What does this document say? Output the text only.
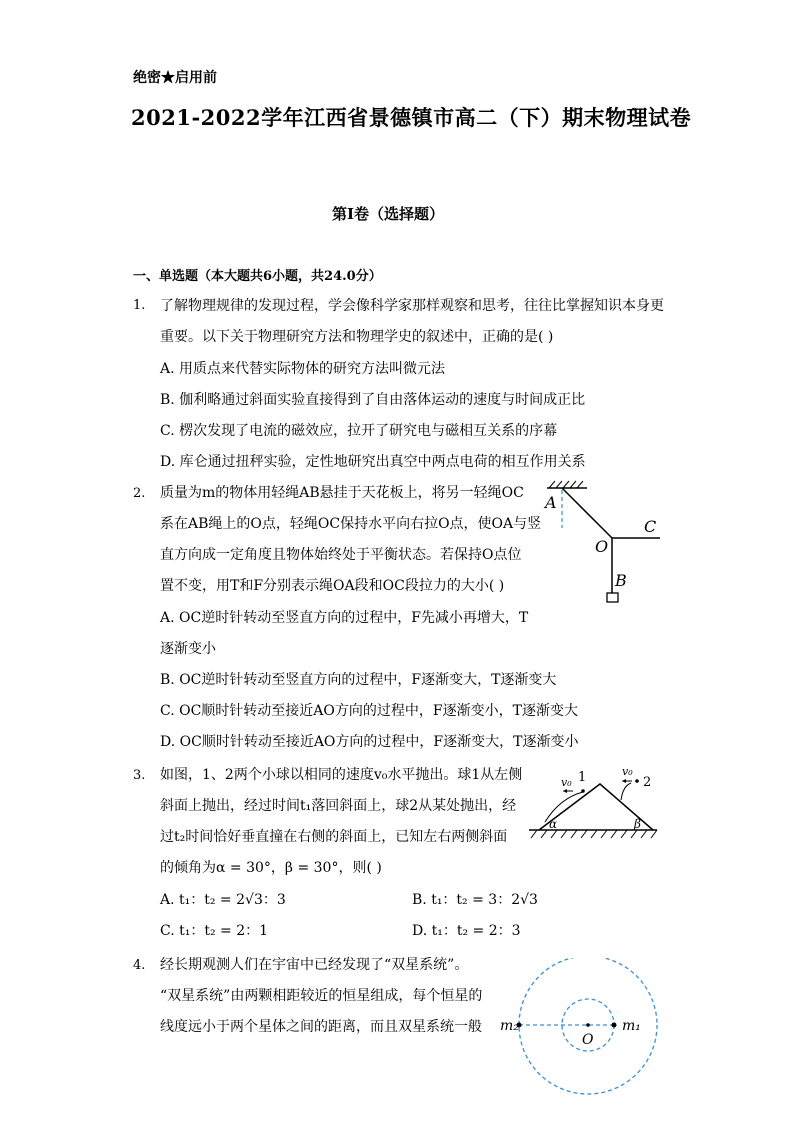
绝密★启用前
2021-2022学年江西省景德镇市高二（下）期末物理试卷
第I卷（选择题）
一、单选题（本大题共6小题，共24.0分）
1. 了解物理规律的发现过程，学会像科学家那样观察和思考，往往比掌握知识本身更
重要。以下关于物理研究方法和物理学史的叙述中，正确的是( )
A. 用质点来代替实际物体的研究方法叫微元法
B. 伽利略通过斜面实验直接得到了自由落体运动的速度与时间成正比
C. 楞次发现了电流的磁效应，拉开了研究电与磁相互关系的序幕
D. 库仑通过扭秤实验，定性地研究出真空中两点电荷的相互作用关系
2. 质量为m的物体用轻绳AB悬挂于天花板上，将另一轻绳OC
系在AB绳上的O点，轻绳OC保持水平向右拉O点，使OA与竖
直方向成一定角度且物体始终处于平衡状态。若保持O点位
置不变，用T和F分别表示绳OA段和OC段拉力的大小( )
A. OC逆时针转动至竖直方向的过程中，F先减小再增大，T
逐渐变小
B. OC逆时针转动至竖直方向的过程中，F逐渐变大，T逐渐变大
C. OC顺时针转动至接近AO方向的过程中，F逐渐变小，T逐渐变大
D. OC顺时针转动至接近AO方向的过程中，F逐渐变大，T逐渐变小
A
O
C
B
3. 如图，1、2两个小球以相同的速度v₀水平抛出。球1从左侧
斜面上抛出，经过时间t₁落回斜面上，球2从某处抛出，经
过t₂时间恰好垂直撞在右侧的斜面上，已知左右两侧斜面
的倾角为α = 30°，β = 30°，则( )
A. t₁：t₂ = 2√3：3	B. t₁：t₂ = 3：2√3
C. t₁：t₂ = 2：1	D. t₁：t₂ = 2：3
v₀
v₀
1	2
α	β
4. 经长期观测人们在宇宙中已经发现了“双星系统”。
“双星系统”由两颗相距较近的恒星组成，每个恒星的
线度远小于两个星体之间的距离，而且双星系统一般 m₂	m₁
O
